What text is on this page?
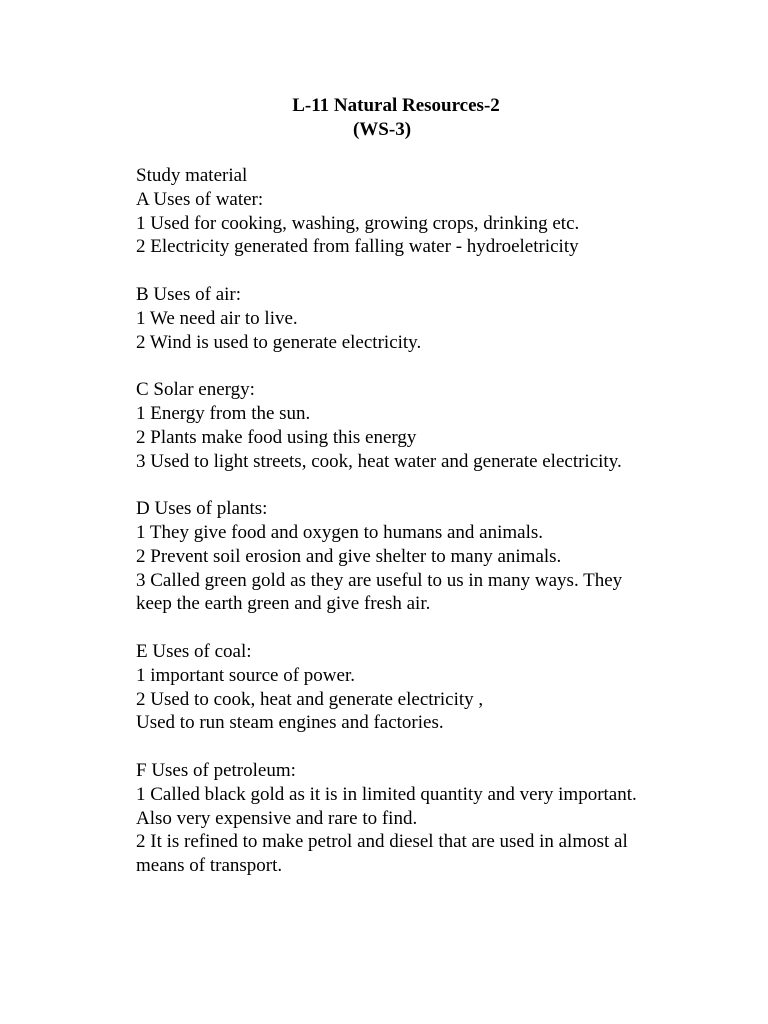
L-11 Natural Resources-2
(WS-3)
Study material
A Uses of water:
1 Used for cooking, washing, growing crops, drinking etc.
2 Electricity generated from falling water - hydroeletricity
B Uses of air:
1 We need air to live.
2 Wind is used to generate electricity.
C Solar energy:
1 Energy from the sun.
2 Plants make food using this energy
3 Used to light streets, cook, heat water and generate electricity.
D Uses of plants:
1 They give food and oxygen to humans and animals.
2 Prevent soil erosion and give shelter to many animals.
3 Called green gold as they are useful to us in many ways. They
keep the earth green and give fresh air.
E Uses of coal:
1 important source of power.
2 Used to cook, heat and generate electricity ,
Used to run steam engines and factories.
F Uses of petroleum:
1 Called black gold as it is in limited quantity and very important.
Also very expensive and rare to find.
2 It is refined to make petrol and diesel that are used in almost al
means of transport.
